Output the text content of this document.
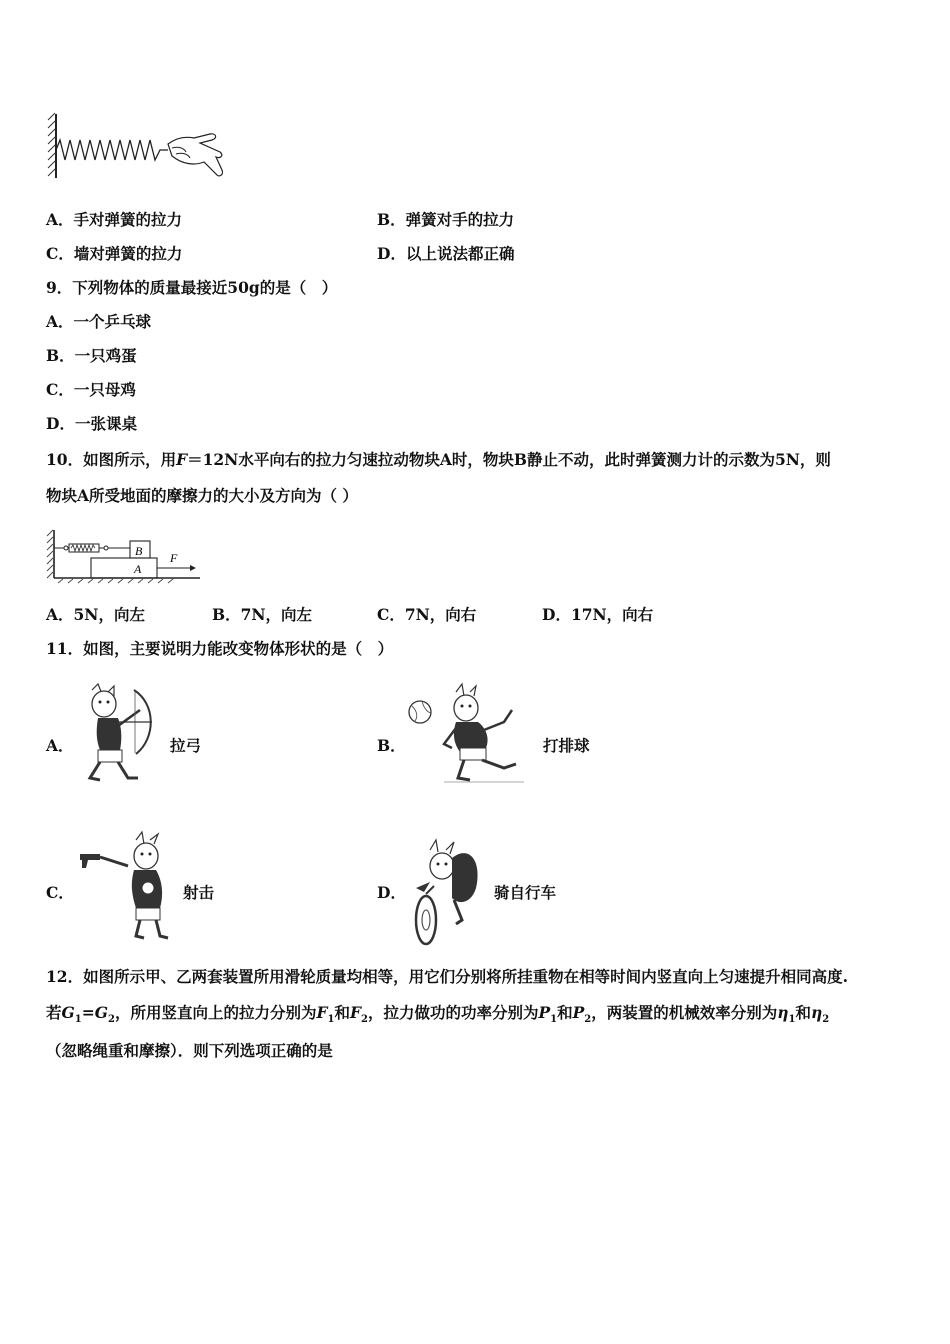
A．手对弹簧的拉力	B．弹簧对手的拉力
C．墙对弹簧的拉力	D．以上说法都正确
9．下列物体的质量最接近50g的是（　）
A．一个乒乓球
B．一只鸡蛋
C．一只母鸡
D．一张课桌
10．如图所示，用F＝12N水平向右的拉力匀速拉动物块A时，物块B静止不动，此时弹簧测力计的示数为5N，则
物块A所受地面的摩擦力的大小及方向为（ ）
B
A
F
A．5N，向左	B．7N，向左	C．7N，向右	D．17N，向右
11．如图，主要说明力能改变物体形状的是（　）
A．	拉弓	B．	打排球
C．	射击	D．	骑自行车
12．如图所示甲、乙两套装置所用滑轮质量均相等，用它们分别将所挂重物在相等时间内竖直向上匀速提升相同高度.
若$G_1=G_2$，所用竖直向上的拉力分别为$F_1$和$F_2$，拉力做功的功率分别为$P_1$和$P_2$，两装置的机械效率分别为$\eta_1$和$\eta_2$
（忽略绳重和摩擦）．则下列选项正确的是
